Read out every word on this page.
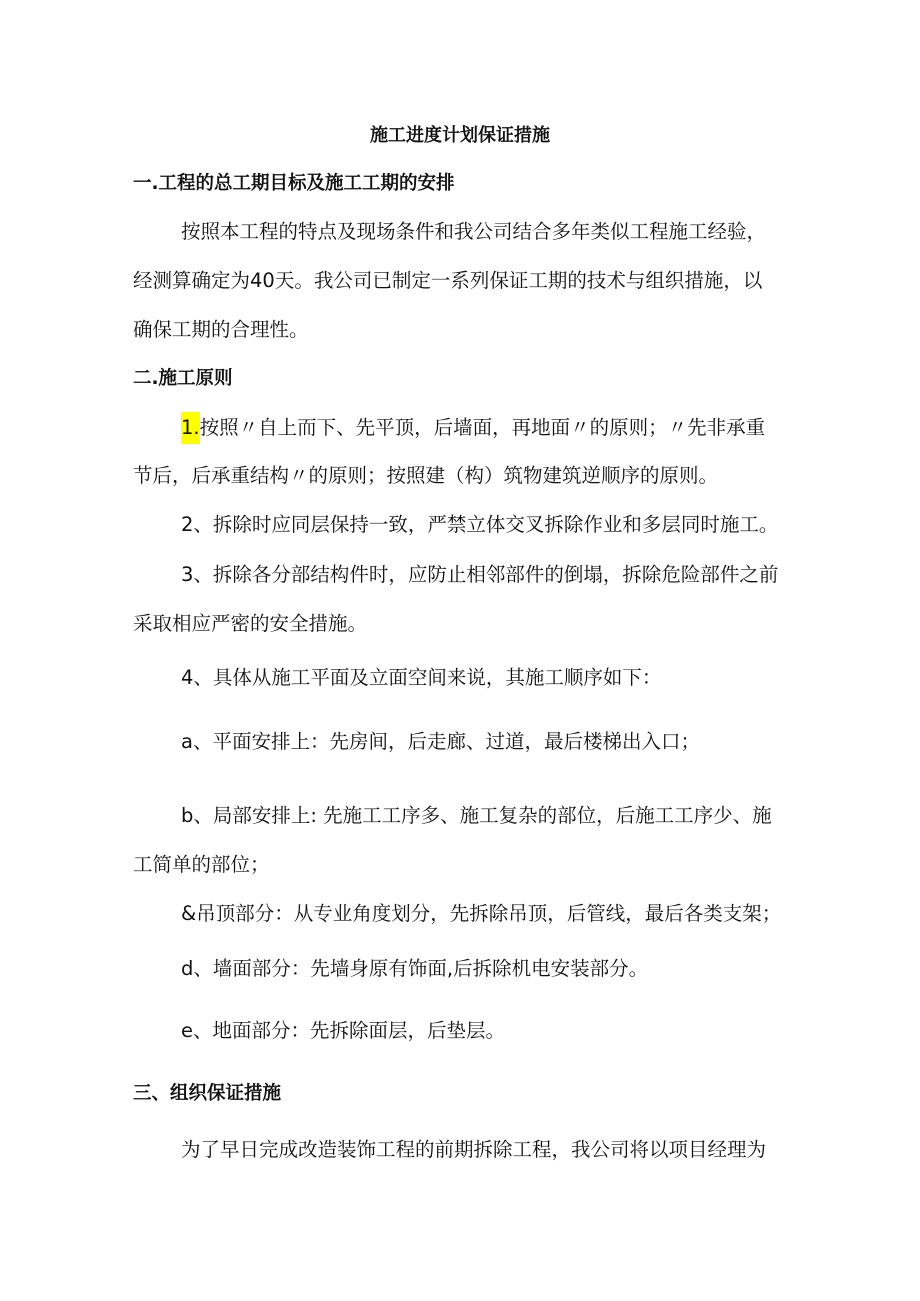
施工进度计划保证措施
一.工程的总工期目标及施工工期的安排
按照本工程的特点及现场条件和我公司结合多年类似工程施工经验，
经测算确定为40天。我公司已制定一系列保证工期的技术与组织措施，以
确保工期的合理性。
二.施工原则
1.按照〃自上而下、先平顶，后墙面，再地面〃的原则；〃先非承重
节后，后承重结构〃的原则；按照建（构）筑物建筑逆顺序的原则。
2、拆除时应同层保持一致，严禁立体交叉拆除作业和多层同时施工。
3、拆除各分部结构件时，应防止相邻部件的倒塌，拆除危险部件之前
采取相应严密的安全措施。
4、具体从施工平面及立面空间来说，其施工顺序如下：
a、平面安排上：先房间，后走廊、过道，最后楼梯出入口；
b、局部安排上: 先施工工序多、施工复杂的部位，后施工工序少、施
工简单的部位；
&吊顶部分：从专业角度划分，先拆除吊顶，后管线，最后各类支架；
d、墙面部分：先墙身原有饰面,后拆除机电安装部分。
e、地面部分：先拆除面层，后垫层。
三、组织保证措施
为了早日完成改造装饰工程的前期拆除工程，我公司将以项目经理为
